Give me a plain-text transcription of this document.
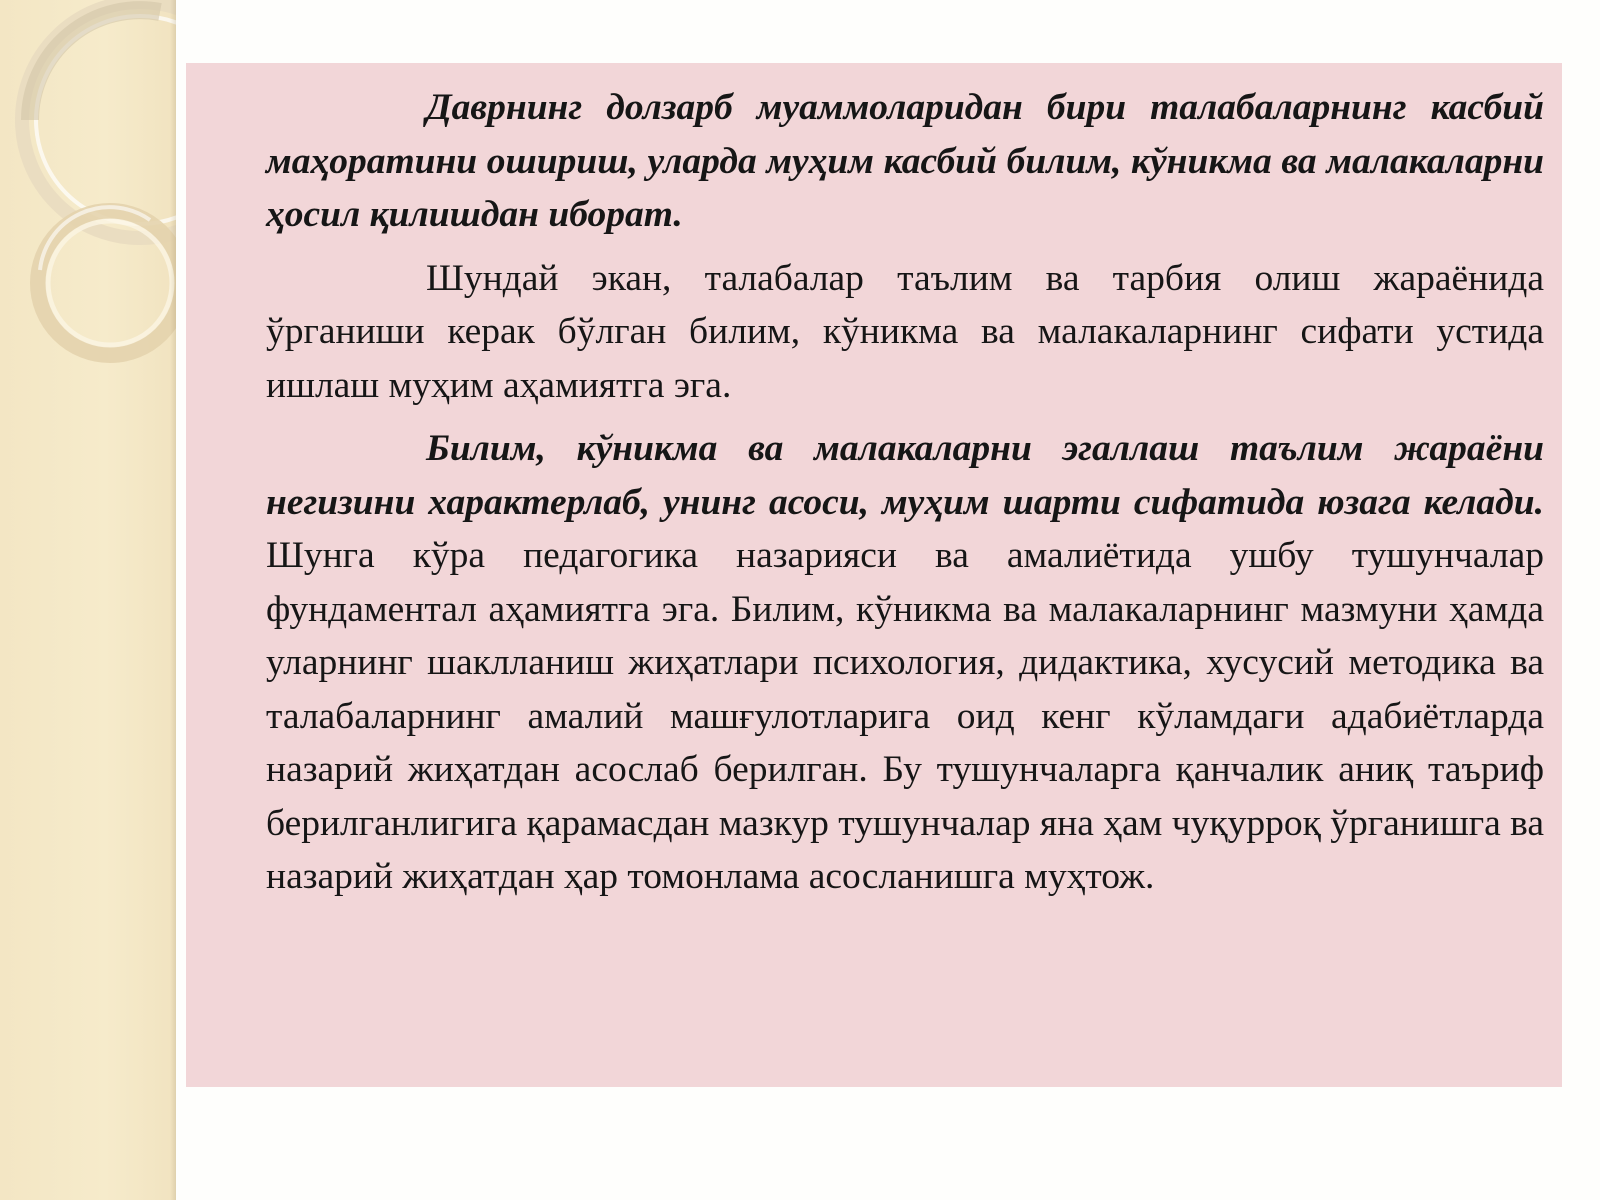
Даврнинг долзарб муаммоларидан бири талабаларнинг касбий маҳоратини ошириш, уларда муҳим касбий билим, кўникма ва малакаларни ҳосил қилишдан иборат.

Шундай экан, талабалар таълим ва тарбия олиш жараёнида ўрганиши керак бўлган билим, кўникма ва малакаларнинг сифати устида ишлаш муҳим аҳамиятга эга.

Билим, кўникма ва малакаларни эгаллаш таълим жараёни негизини характерлаб, унинг асоси, муҳим шарти сифатида юзага келади. Шунга кўра педагогика назарияси ва амалиётида ушбу тушунчалар фундаментал аҳамиятга эга. Билим, кўникма ва малакаларнинг мазмуни ҳамда уларнинг шаклланиш жиҳатлари психология, дидактика, хусусий методика ва талабаларнинг амалий машғулотларига оид кенг кўламдаги адабиётларда назарий жиҳатдан асослаб берилган. Бу тушунчаларга қанчалик аниқ таъриф берилганлигига қарамасдан мазкур тушунчалар яна ҳам чуқурроқ ўрганишга ва назарий жиҳатдан ҳар томонлама асосланишга муҳтож.
